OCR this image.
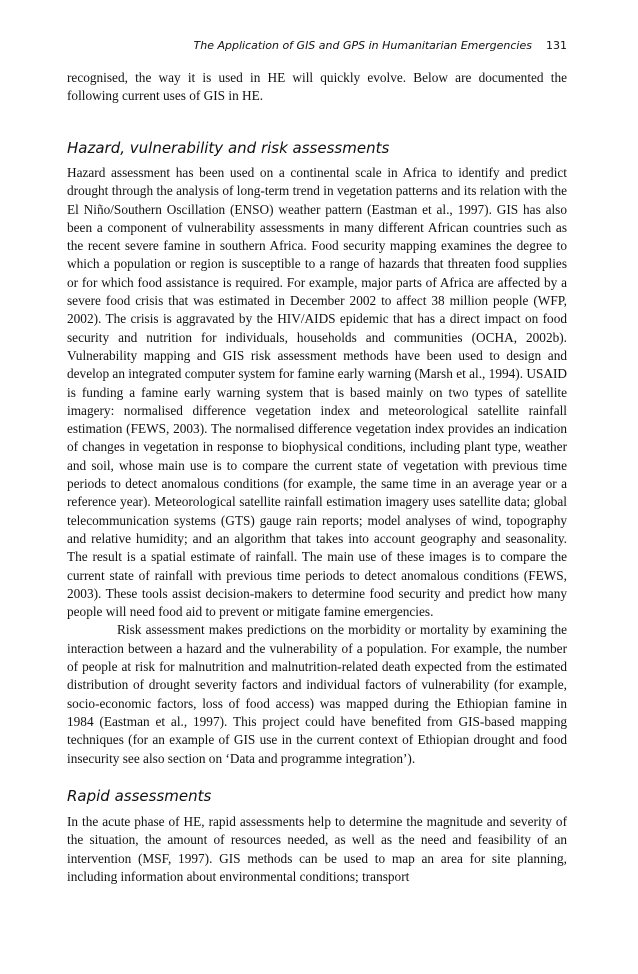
The Application of GIS and GPS in Humanitarian Emergencies 131

recognised, the way it is used in HE will quickly evolve. Below are documented the following current uses of GIS in HE.

Hazard, vulnerability and risk assessments

Hazard assessment has been used on a continental scale in Africa to identify and predict drought through the analysis of long-term trend in vegetation patterns and its relation with the El Niño/Southern Oscillation (ENSO) weather pattern (Eastman et al., 1997). GIS has also been a component of vulnerability assessments in many different African countries such as the recent severe famine in southern Africa. Food security mapping examines the degree to which a population or region is susceptible to a range of hazards that threaten food supplies or for which food assistance is required. For example, major parts of Africa are affected by a severe food crisis that was estimated in December 2002 to affect 38 million people (WFP, 2002). The crisis is aggravated by the HIV/AIDS epidemic that has a direct impact on food security and nutrition for individuals, households and communities (OCHA, 2002b). Vulnerability mapping and GIS risk assessment methods have been used to design and develop an integrated computer system for famine early warning (Marsh et al., 1994). USAID is funding a famine early warning system that is based mainly on two types of satellite imagery: normalised difference vegetation index and meteorological satellite rainfall estimation (FEWS, 2003). The normalised difference vegetation index provides an indication of changes in vegetation in response to biophysical conditions, including plant type, weather and soil, whose main use is to compare the current state of vegetation with previous time periods to detect anomalous conditions (for example, the same time in an average year or a reference year). Meteorological satellite rainfall estimation imagery uses satellite data; global telecommunication systems (GTS) gauge rain reports; model analyses of wind, topography and relative humidity; and an algorithm that takes into account geography and seasonality. The result is a spatial estimate of rainfall. The main use of these images is to compare the current state of rainfall with previous time periods to detect anomalous conditions (FEWS, 2003). These tools assist decision-makers to determine food security and predict how many people will need food aid to prevent or mitigate famine emergencies.

Risk assessment makes predictions on the morbidity or mortality by examining the interaction between a hazard and the vulnerability of a population. For example, the number of people at risk for malnutrition and malnutrition-related death expected from the estimated distribution of drought severity factors and individual factors of vulnerability (for example, socio-economic factors, loss of food access) was mapped during the Ethiopian famine in 1984 (Eastman et al., 1997). This project could have benefited from GIS-based mapping techniques (for an example of GIS use in the current context of Ethiopian drought and food insecurity see also section on ‘Data and programme integration’).

Rapid assessments

In the acute phase of HE, rapid assessments help to determine the magnitude and severity of the situation, the amount of resources needed, as well as the need and feasibility of an intervention (MSF, 1997). GIS methods can be used to map an area for site planning, including information about environmental conditions; transport
